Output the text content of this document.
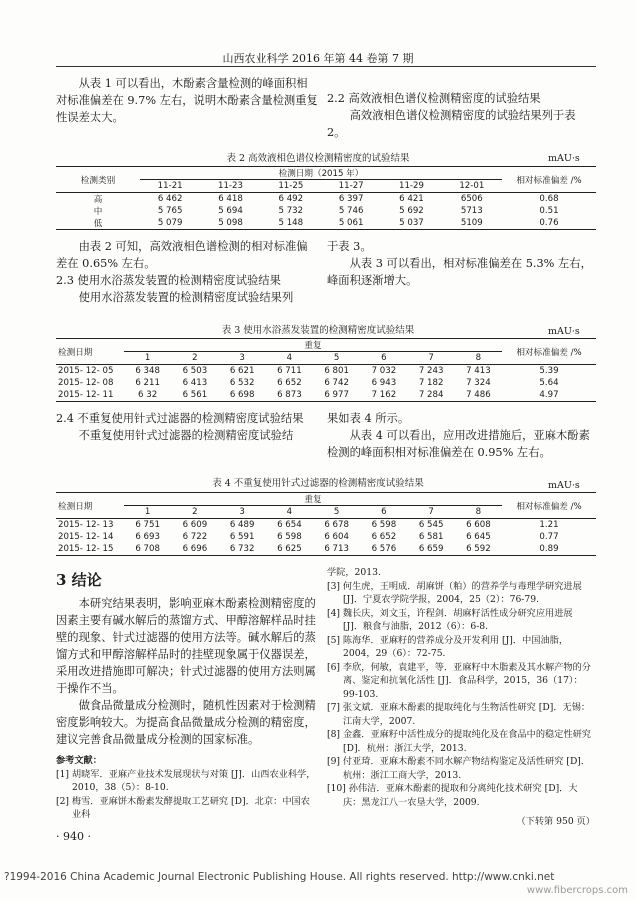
山西农业科学 2016 年第 44 卷第 7 期

从表 1 可以看出，木酚素含量检测的峰面积相对标准偏差在 9.7% 左右，说明木酚素含量检测重复性误差太大。

2.2 高效液相色谱仪检测精密度的试验结果

高效液相色谱仪检测精密度的试验结果列于表 2。

表 2 高效液相色谱仪检测精密度的试验结果	mAU·s
检测类别	检测日期（2015 年）						相对标准偏差 /%
	11-21	11-23	11-25	11-27	11-29	12-01	
高	6 462	6 418	6 492	6 397	6 421	6506	0.68
中	5 765	5 694	5 732	5 746	5 692	5713	0.51
低	5 079	5 098	5 148	5 061	5 037	5109	0.76

由表 2 可知，高效液相色谱检测的相对标准偏差在 0.65% 左右。

2.3 使用水浴蒸发装置的检测精密度试验结果

使用水浴蒸发装置的检测精密度试验结果列

于表 3。

从表 3 可以看出，相对标准偏差在 5.3% 左右，峰面积逐渐增大。

表 3 使用水浴蒸发装置的检测精密度试验结果	mAU·s
检测日期	重复								相对标准偏差 /%
	1	2	3	4	5	6	7	8	
2015- 12- 05	6 348	6 503	6 621	6 711	6 801	7 032	7 243	7 413	5.39
2015- 12- 08	6 211	6 413	6 532	6 652	6 742	6 943	7 182	7 324	5.64
2015- 12- 11	6 32	6 561	6 698	6 873	6 977	7 162	7 284	7 486	4.97

2.4 不重复使用针式过滤器的检测精密度试验结果

不重复使用针式过滤器的检测精密度试验结

果如表 4 所示。

从表 4 可以看出，应用改进措施后，亚麻木酚素检测的峰面积相对标准偏差在 0.95% 左右。

表 4 不重复使用针式过滤器的检测精密度试验结果	mAU·s
检测日期	重复								相对标准偏差 /%
	1	2	3	4	5	6	7	8	
2015- 12- 13	6 751	6 609	6 489	6 654	6 678	6 598	6 545	6 608	1.21
2015- 12- 14	6 693	6 722	6 591	6 598	6 604	6 652	6 581	6 645	0.77
2015- 12- 15	6 708	6 696	6 732	6 625	6 713	6 576	6 659	6 592	0.89
3 结论

本研究结果表明，影响亚麻木酚素检测精密度的因素主要有碱水解后的蒸馏方式、甲醇溶解样品时挂壁的现象、针式过滤器的使用方法等。碱水解后的蒸馏方式和甲醇溶解样品时的挂壁现象属于仪器误差，采用改进措施即可解决；针式过滤器的使用方法则属于操作不当。

做食品微量成分检测时，随机性因素对于检测精密度影响较大。为提高食品微量成分检测的精密度，建议完善食品微量成分检测的国家标准。

参考文献：
[1] 胡晓军．亚麻产业技术发展现状与对策 [J]．山西农业科学，2010，38（5）：8-10.
[2] 梅雪．亚麻饼木酚素发酵提取工艺研究 [D]．北京：中国农业科
学院，2013.
[3] 何生虎，王明成．胡麻饼（粕）的营养学与毒理学研究进展 [J]．宁夏农学院学报，2004，25（2）：76-79.
[4] 魏长庆，刘文玉，许程剑．胡麻籽活性成分研究应用进展 [J]．粮食与油脂，2012（6）：6-8.
[5] 陈海华．亚麻籽的营养成分及开发利用 [J]．中国油脂，2004，29（6）：72-75.
[6] 李欣，何敏，袁建平，等．亚麻籽中木脂素及其水解产物的分离、鉴定和抗氧化活性 [J]．食品科学，2015，36（17）：99-103.
[7] 张文斌．亚麻木酚素的提取纯化与生物活性研究 [D]．无锡：江南大学，2007.
[8] 金鑫．亚麻籽中活性成分的提取纯化及在食品中的稳定性研究 [D]．杭州：浙江大学，2013.
[9] 付亚琦．亚麻木酚素不同水解产物结构鉴定及活性研究 [D]．杭州：浙江工商大学，2013.
[10] 孙伟洁．亚麻木酚素的提取和分离纯化技术研究 [D]．大庆：黑龙江八一农垦大学，2009.
（下转第 950 页）
· 940 ·
?1994-2016 China Academic Journal Electronic Publishing House. All rights reserved. http://www.cnki.net
www.fibercrops.com
